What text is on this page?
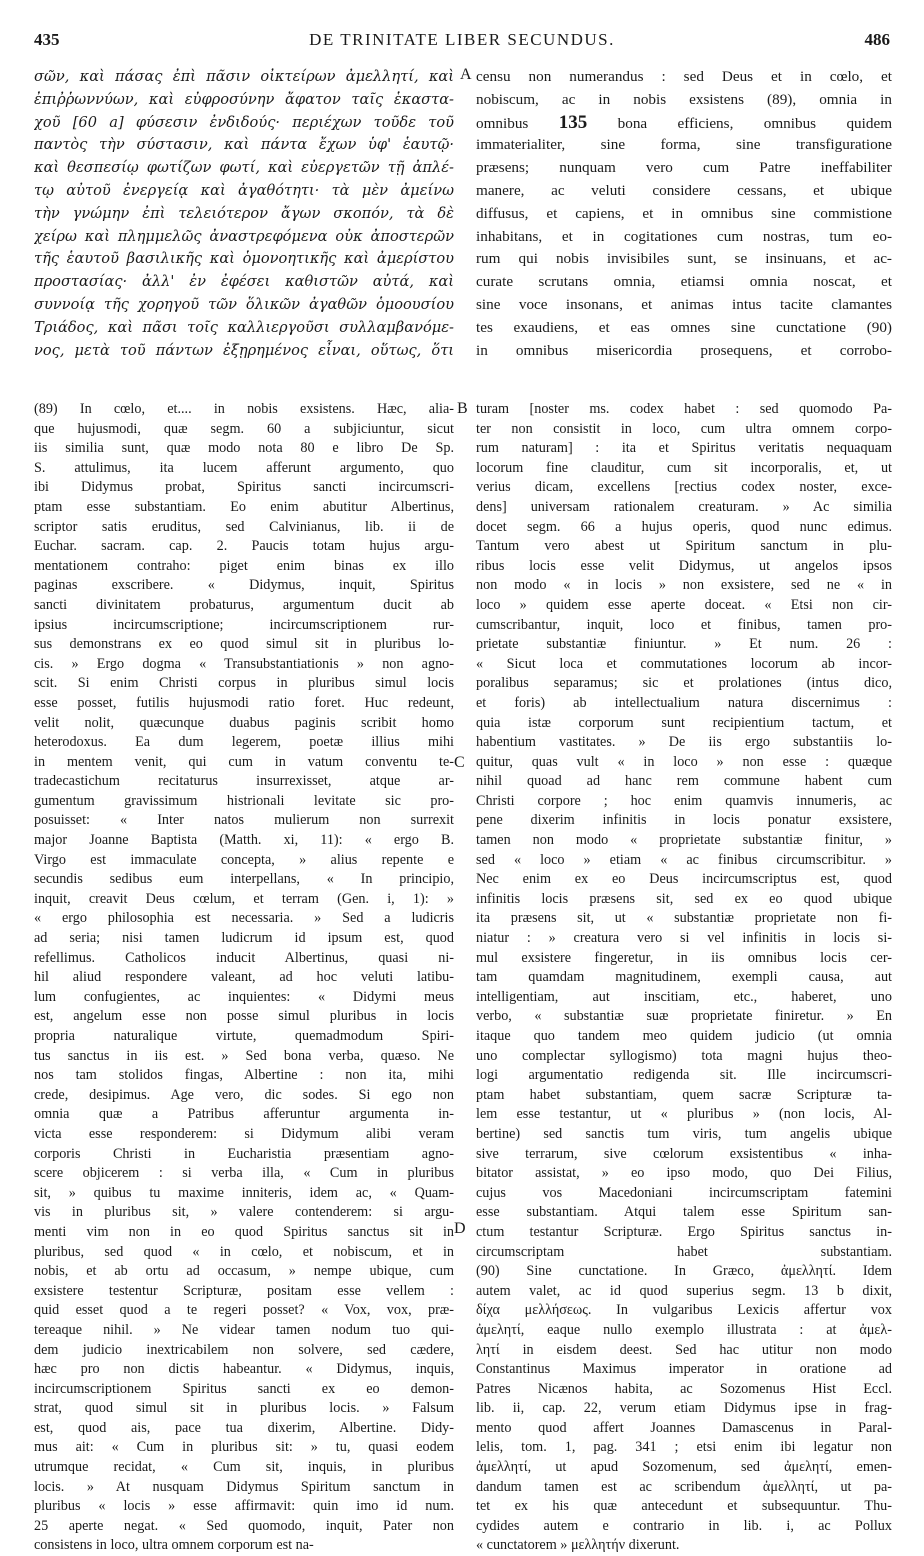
DE TRINITATE LIBER SECUNDUS.
435	486
A
B
C
D
σῶν, καὶ πάσας ἐπὶ πᾶσιν οἰκτείρων ἀμελλητί, καὶ
ἐπιῤῥωννύων, καὶ εὐφροσύνην ἄφατον ταῖς ἑκαστα-
χοῦ [60 a] φύσεσιν ἐνδιδούς· περιέχων τοῦδε τοῦ
παντὸς τὴν σύστασιν, καὶ πάντα ἔχων ὑφ' ἑαυτῷ·
καὶ θεσπεσίῳ φωτίζων φωτί, καὶ εὐεργετῶν τῇ ἀπλέ-
τῳ αὐτοῦ ἐνεργείᾳ καὶ ἀγαθότητι· τὰ μὲν ἀμείνω
τὴν γνώμην ἐπὶ τελειότερον ἄγων σκοπόν, τὰ δὲ
χείρω καὶ πλημμελῶς ἀναστρεφόμενα οὐκ ἀποστερῶν
τῆς ἑαυτοῦ βασιλικῆς καὶ ὁμονοητικῆς καὶ ἀμερίστου
προστασίας· ἀλλ' ἐν ἐφέσει καθιστῶν αὐτά, καὶ
συννοίᾳ τῆς χορηγοῦ τῶν ὅλικῶν ἀγαθῶν ὁμοουσίου
Τριάδος, καὶ πᾶσι τοῖς καλλιεργοῦσι συλλαμβανόμε-
νος, μετὰ τοῦ πάντων ἐξῃρημένος εἶναι, οὕτως, ὅτι
censu non numerandus : sed Deus et in cœlo, et
nobiscum, ac in nobis exsistens (89), omnia in
omnibus 135 bona efficiens, omnibus quidem
immaterialiter, sine forma, sine transfiguratione
præsens; nunquam vero cum Patre ineffabiliter
manere, ac veluti considere cessans, et ubique
diffusus, et capiens, et in omnibus sine commistione
inhabitans, et in cogitationes cum nostras, tum eo-
rum qui nobis invisibiles sunt, se insinuans, et ac-
curate scrutans omnia, etiamsi omnia noscat, et
sine voce insonans, et animas intus tacite clamantes
tes exaudiens, et eas omnes sine cunctatione (90)
in omnibus misericordia prosequens, et corrobo-
(89) In cœlo, et.... in nobis exsistens. Hæc, alia-
que hujusmodi, quæ segm. 60 a subjiciuntur, sicut
iis similia sunt, quæ modo nota 80 e libro De Sp.
S. attulimus, ita lucem afferunt argumento, quo
ibi Didymus probat, Spiritus sancti incircumscri-
ptam esse substantiam. Eo enim abutitur Albertinus,
scriptor satis eruditus, sed Calvinianus, lib. ii de
Euchar. sacram. cap. 2. Paucis totam hujus argu-
mentationem contraho: piget enim binas ex illo
paginas exscribere. « Didymus, inquit, Spiritus
sancti divinitatem probaturus, argumentum ducit ab
ipsius incircumscriptione; incircumscriptionem rur-
sus demonstrans ex eo quod simul sit in pluribus lo-
cis. » Ergo dogma « Transubstantiationis » non agno-
scit. Si enim Christi corpus in pluribus simul locis
esse posset, futilis hujusmodi ratio foret. Huc redeunt,
velit nolit, quæcunque duabus paginis scribit homo
heterodoxus. Ea dum legerem, poetæ illius mihi
in mentem venit, qui cum in vatum conventu te-
tradecastichum recitaturus insurrexisset, atque ar-
gumentum gravissimum histrionali levitate sic pro-
posuisset: « Inter natos mulierum non surrexit
major Joanne Baptista (Matth. xi, 11): « ergo B.
Virgo est immaculate concepta, » alius repente e
secundis sedibus eum interpellans, « In principio,
inquit, creavit Deus cœlum, et terram (Gen. i, 1): »
« ergo philosophia est necessaria. » Sed a ludicris
ad seria; nisi tamen ludicrum id ipsum est, quod
refellimus. Catholicos inducit Albertinus, quasi ni-
hil aliud respondere valeant, ad hoc veluti latibu-
lum confugientes, ac inquientes: « Didymi meus
est, angelum esse non posse simul pluribus in locis
propria naturalique virtute, quemadmodum Spiri-
tus sanctus in iis est. » Sed bona verba, quæso. Ne
nos tam stolidos fingas, Albertine : non ita, mihi
crede, desipimus. Age vero, dic sodes. Si ego non
omnia quæ a Patribus afferuntur argumenta in-
victa esse responderem: si Didymum alibi veram
corporis Christi in Eucharistia præsentiam agno-
scere objicerem : si verba illa, « Cum in pluribus
sit, » quibus tu maxime inniteris, idem ac, « Quam-
vis in pluribus sit, » valere contenderem: si argu-
menti vim non in eo quod Spiritus sanctus sit in
pluribus, sed quod « in cœlo, et nobiscum, et in
nobis, et ab ortu ad occasum, » nempe ubique, cum
exsistere testentur Scripturæ, positam esse vellem :
quid esset quod a te regeri posset? « Vox, vox, præ-
tereaque nihil. » Ne videar tamen nodum tuo qui-
dem judicio inextricabilem non solvere, sed cædere,
hæc pro non dictis habeantur. « Didymus, inquis,
incircumscriptionem Spiritus sancti ex eo demon-
strat, quod simul sit in pluribus locis. » Falsum
est, quod ais, pace tua dixerim, Albertine. Didy-
mus ait: « Cum in pluribus sit: » tu, quasi eodem
utrumque recidat, « Cum sit, inquis, in pluribus
locis. » At nusquam Didymus Spiritum sanctum in
pluribus « locis » esse affirmavit: quin imo id num.
25 aperte negat. « Sed quomodo, inquit, Pater non
consistens in loco, ultra omnem corporum est na-
turam [noster ms. codex habet : sed quomodo Pa-
ter non consistit in loco, cum ultra omnem corpo-
rum naturam] : ita et Spiritus veritatis nequaquam
locorum fine clauditur, cum sit incorporalis, et, ut
verius dicam, excellens [rectius codex noster, exce-
dens] universam rationalem creaturam. » Ac similia
docet segm. 66 a hujus operis, quod nunc edimus.
Tantum vero abest ut Spiritum sanctum in plu-
ribus locis esse velit Didymus, ut angelos ipsos
non modo « in locis » non exsistere, sed ne « in
loco » quidem esse aperte doceat. « Etsi non cir-
cumscribantur, inquit, loco et finibus, tamen pro-
prietate substantiæ finiuntur. » Et num. 26 :
« Sicut loca et commutationes locorum ab incor-
poralibus separamus; sic et prolationes (intus dico,
et foris) ab intellectualium natura discernimus :
quia istæ corporum sunt recipientium tactum, et
habentium vastitates. » De iis ergo substantiis lo-
quitur, quas vult « in loco » non esse : quæque
nihil quoad ad hanc rem commune habent cum
Christi corpore ; hoc enim quamvis innumeris, ac
pene dixerim infinitis in locis ponatur exsistere,
tamen non modo « proprietate substantiæ finitur, »
sed « loco » etiam « ac finibus circumscribitur. »
Nec enim ex eo Deus incircumscriptus est, quod
infinitis locis præsens sit, sed ex eo quod ubique
ita præsens sit, ut « substantiæ proprietate non fi-
niatur : » creatura vero si vel infinitis in locis si-
mul exsistere fingeretur, in iis omnibus locis cer-
tam quamdam magnitudinem, exempli causa, aut
intelligentiam, aut inscitiam, etc., haberet, uno
verbo, « substantiæ suæ proprietate finiretur. » En
itaque quo tandem meo quidem judicio (ut omnia
uno complectar syllogismo) tota magni hujus theo-
logi argumentatio redigenda sit. Ille incircumscri-
ptam habet substantiam, quem sacræ Scripturæ ta-
lem esse testantur, ut « pluribus » (non locis, Al-
bertine) sed sanctis tum viris, tum angelis ubique
sive terrarum, sive cœlorum exsistentibus « inha-
bitator assistat, » eo ipso modo, quo Dei Filius,
cujus vos Macedoniani incircumscriptam fatemini
esse substantiam. Atqui talem esse Spiritum san-
ctum testantur Scripturæ. Ergo Spiritus sanctus in-
circumscriptam habet substantiam.
(90) Sine cunctatione. In Græco, ἀμελλητί. Idem
autem valet, ac id quod superius segm. 13 b dixit,
δίχα μελλήσεως. In vulgaribus Lexicis affertur vox
ἀμελητί, eaque nullo exemplo illustrata : at ἀμελ-
λητί in eisdem deest. Sed hac utitur non modo
Constantinus Maximus imperator in oratione ad
Patres Nicænos habita, ac Sozomenus Hist Eccl.
lib. ii, cap. 22, verum etiam Didymus ipse in frag-
mento quod affert Joannes Damascenus in Paral-
lelis, tom. 1, pag. 341 ; etsi enim ibi legatur non
ἀμελλητί, ut apud Sozomenum, sed ἀμελητί, emen-
dandum tamen est ac scribendum ἀμελλητί, ut pa-
tet ex his quæ antecedunt et subsequuntur. Thu-
cydides autem e contrario in lib. i, ac Pollux
« cunctatorem » μελλητήν dixerunt.
